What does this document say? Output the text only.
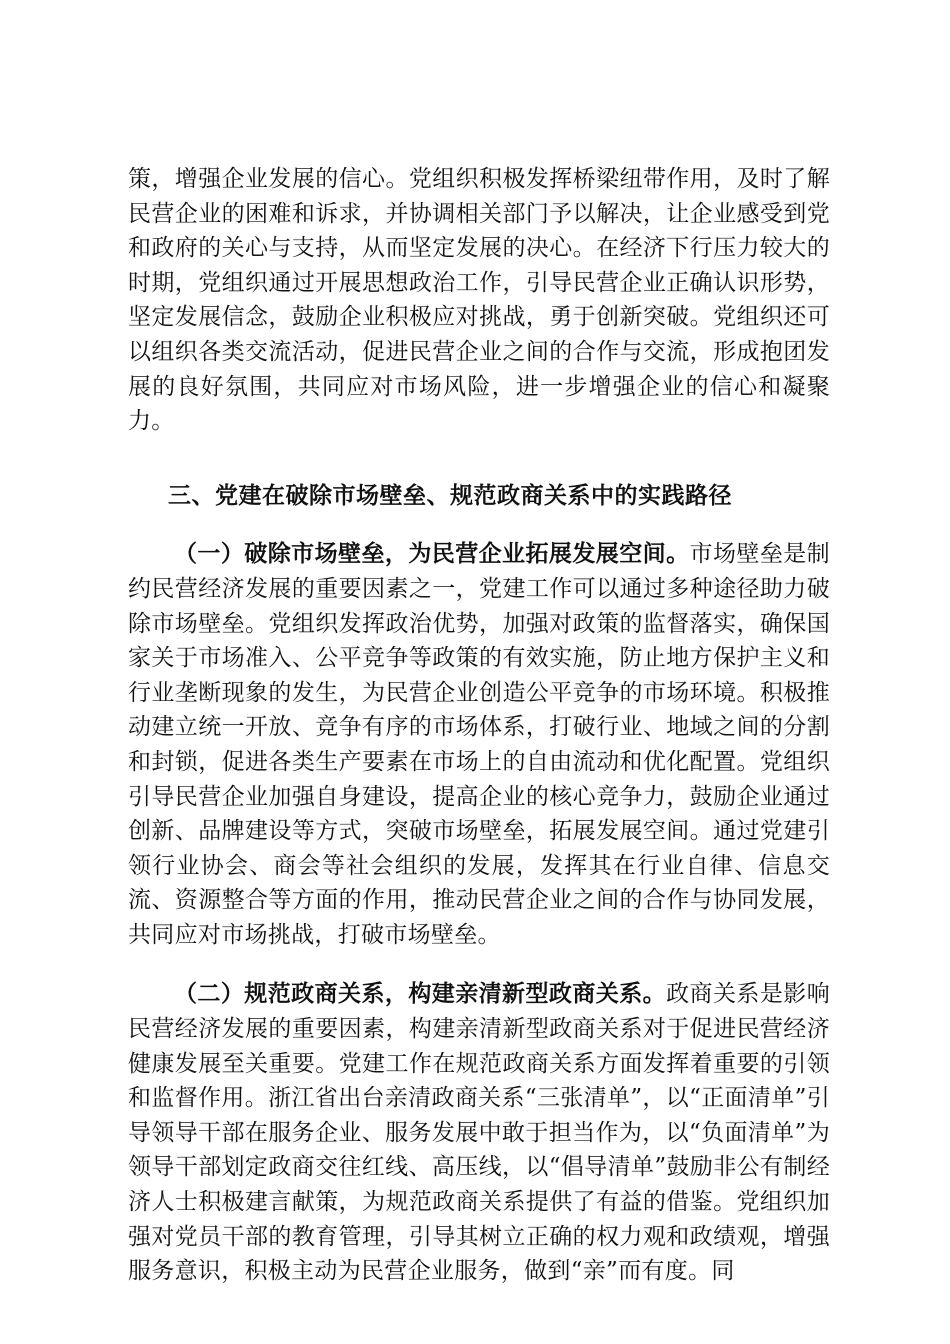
策，增强企业发展的信心。党组织积极发挥桥梁纽带作用，及时了解民营企业的困难和诉求，并协调相关部门予以解决，让企业感受到党和政府的关心与支持，从而坚定发展的决心。在经济下行压力较大的时期，党组织通过开展思想政治工作，引导民营企业正确认识形势，坚定发展信念，鼓励企业积极应对挑战，勇于创新突破。党组织还可以组织各类交流活动，促进民营企业之间的合作与交流，形成抱团发展的良好氛围，共同应对市场风险，进一步增强企业的信心和凝聚力。

三、党建在破除市场壁垒、规范政商关系中的实践路径

（一）破除市场壁垒，为民营企业拓展发展空间。市场壁垒是制约民营经济发展的重要因素之一，党建工作可以通过多种途径助力破除市场壁垒。党组织发挥政治优势，加强对政策的监督落实，确保国家关于市场准入、公平竞争等政策的有效实施，防止地方保护主义和行业垄断现象的发生，为民营企业创造公平竞争的市场环境。积极推动建立统一开放、竞争有序的市场体系，打破行业、地域之间的分割和封锁，促进各类生产要素在市场上的自由流动和优化配置。党组织引导民营企业加强自身建设，提高企业的核心竞争力，鼓励企业通过创新、品牌建设等方式，突破市场壁垒，拓展发展空间。通过党建引领行业协会、商会等社会组织的发展，发挥其在行业自律、信息交流、资源整合等方面的作用，推动民营企业之间的合作与协同发展，共同应对市场挑战，打破市场壁垒。

（二）规范政商关系，构建亲清新型政商关系。政商关系是影响民营经济发展的重要因素，构建亲清新型政商关系对于促进民营经济健康发展至关重要。党建工作在规范政商关系方面发挥着重要的引领和监督作用。浙江省出台亲清政商关系“三张清单”，以“正面清单”引导领导干部在服务企业、服务发展中敢于担当作为，以“负面清单”为领导干部划定政商交往红线、高压线，以“倡导清单”鼓励非公有制经济人士积极建言献策，为规范政商关系提供了有益的借鉴。党组织加强对党员干部的教育管理，引导其树立正确的权力观和政绩观，增强服务意识，积极主动为民营企业服务，做到“亲”而有度。同
